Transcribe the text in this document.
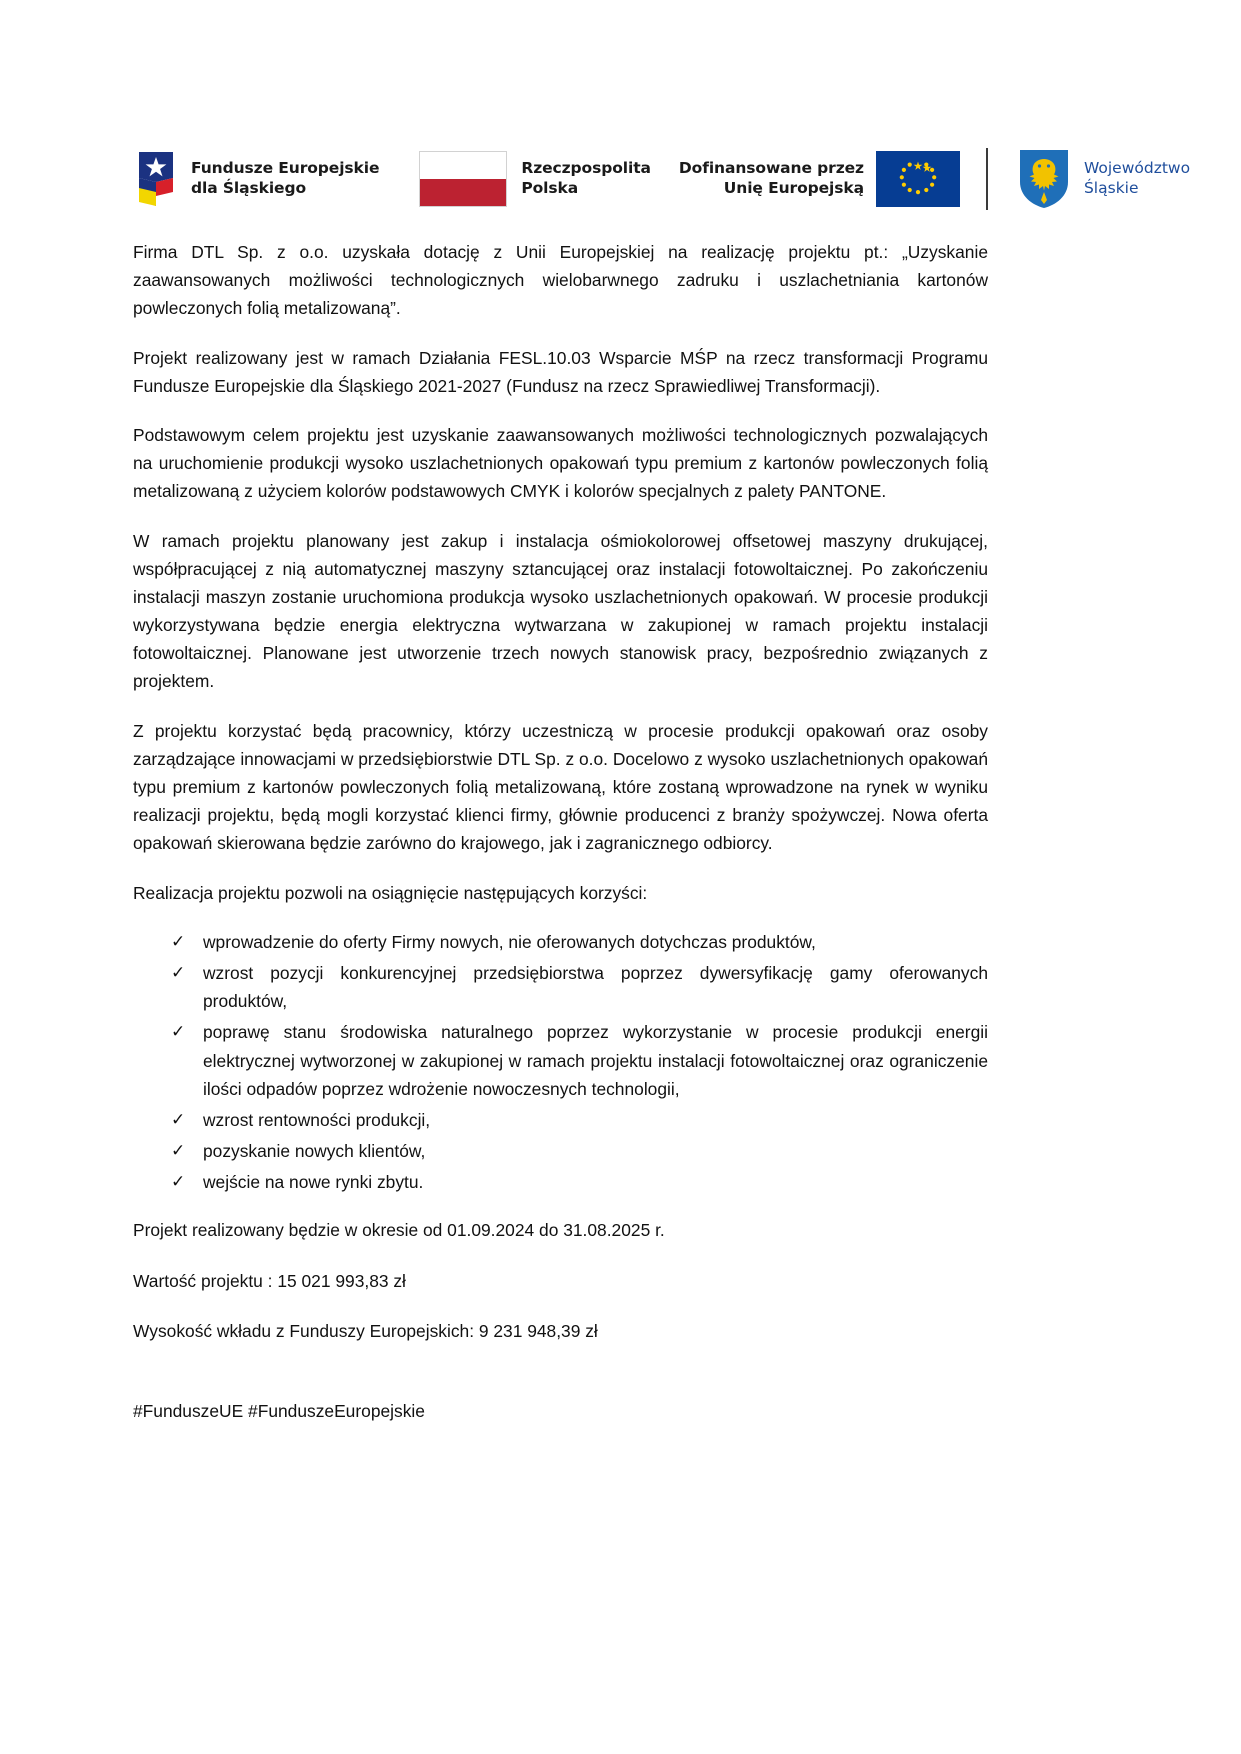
Fundusze Europejskie
dla Śląskiego
Rzeczpospolita
Polska
Dofinansowane przez
Unię Europejską
Województwo
Śląskie

Firma DTL Sp. z o.o. uzyskała dotację z Unii Europejskiej na realizację projektu pt.: „Uzyskanie zaawansowanych możliwości technologicznych wielobarwnego zadruku i uszlachetniania kartonów powleczonych folią metalizowaną”.

Projekt realizowany jest w ramach Działania FESL.10.03 Wsparcie MŚP na rzecz transformacji Programu Fundusze Europejskie dla Śląskiego 2021-2027 (Fundusz na rzecz Sprawiedliwej Transformacji).

Podstawowym celem projektu jest uzyskanie zaawansowanych możliwości technologicznych pozwalających na uruchomienie produkcji wysoko uszlachetnionych opakowań typu premium z kartonów powleczonych folią metalizowaną z użyciem kolorów podstawowych CMYK i kolorów specjalnych z palety PANTONE.

W ramach projektu planowany jest zakup i instalacja ośmiokolorowej offsetowej maszyny drukującej, współpracującej z nią automatycznej maszyny sztancującej oraz instalacji fotowoltaicznej. Po zakończeniu instalacji maszyn zostanie uruchomiona produkcja wysoko uszlachetnionych opakowań. W procesie produkcji wykorzystywana będzie energia elektryczna wytwarzana w zakupionej w ramach projektu instalacji fotowoltaicznej. Planowane jest utworzenie trzech nowych stanowisk pracy, bezpośrednio związanych z projektem.

Z projektu korzystać będą pracownicy, którzy uczestniczą w procesie produkcji opakowań oraz osoby zarządzające innowacjami w przedsiębiorstwie DTL Sp. z o.o. Docelowo z wysoko uszlachetnionych opakowań typu premium z kartonów powleczonych folią metalizowaną, które zostaną wprowadzone na rynek w wyniku realizacji projektu, będą mogli korzystać klienci firmy, głównie producenci z branży spożywczej. Nowa oferta opakowań skierowana będzie zarówno do krajowego, jak i zagranicznego odbiorcy.

Realizacja projektu pozwoli na osiągnięcie następujących korzyści:

✓ wprowadzenie do oferty Firmy nowych, nie oferowanych dotychczas produktów,
✓ wzrost pozycji konkurencyjnej przedsiębiorstwa poprzez dywersyfikację gamy oferowanych produktów,
✓ poprawę stanu środowiska naturalnego poprzez wykorzystanie w procesie produkcji energii elektrycznej wytworzonej w zakupionej w ramach projektu instalacji fotowoltaicznej oraz ograniczenie ilości odpadów poprzez wdrożenie nowoczesnych technologii,
✓ wzrost rentowności produkcji,
✓ pozyskanie nowych klientów,
✓ wejście na nowe rynki zbytu.

Projekt realizowany będzie w okresie od 01.09.2024 do 31.08.2025 r.

Wartość projektu : 15 021 993,83 zł

Wysokość wkładu z Funduszy Europejskich: 9 231 948,39 zł

#FunduszeUE #FunduszeEuropejskie
